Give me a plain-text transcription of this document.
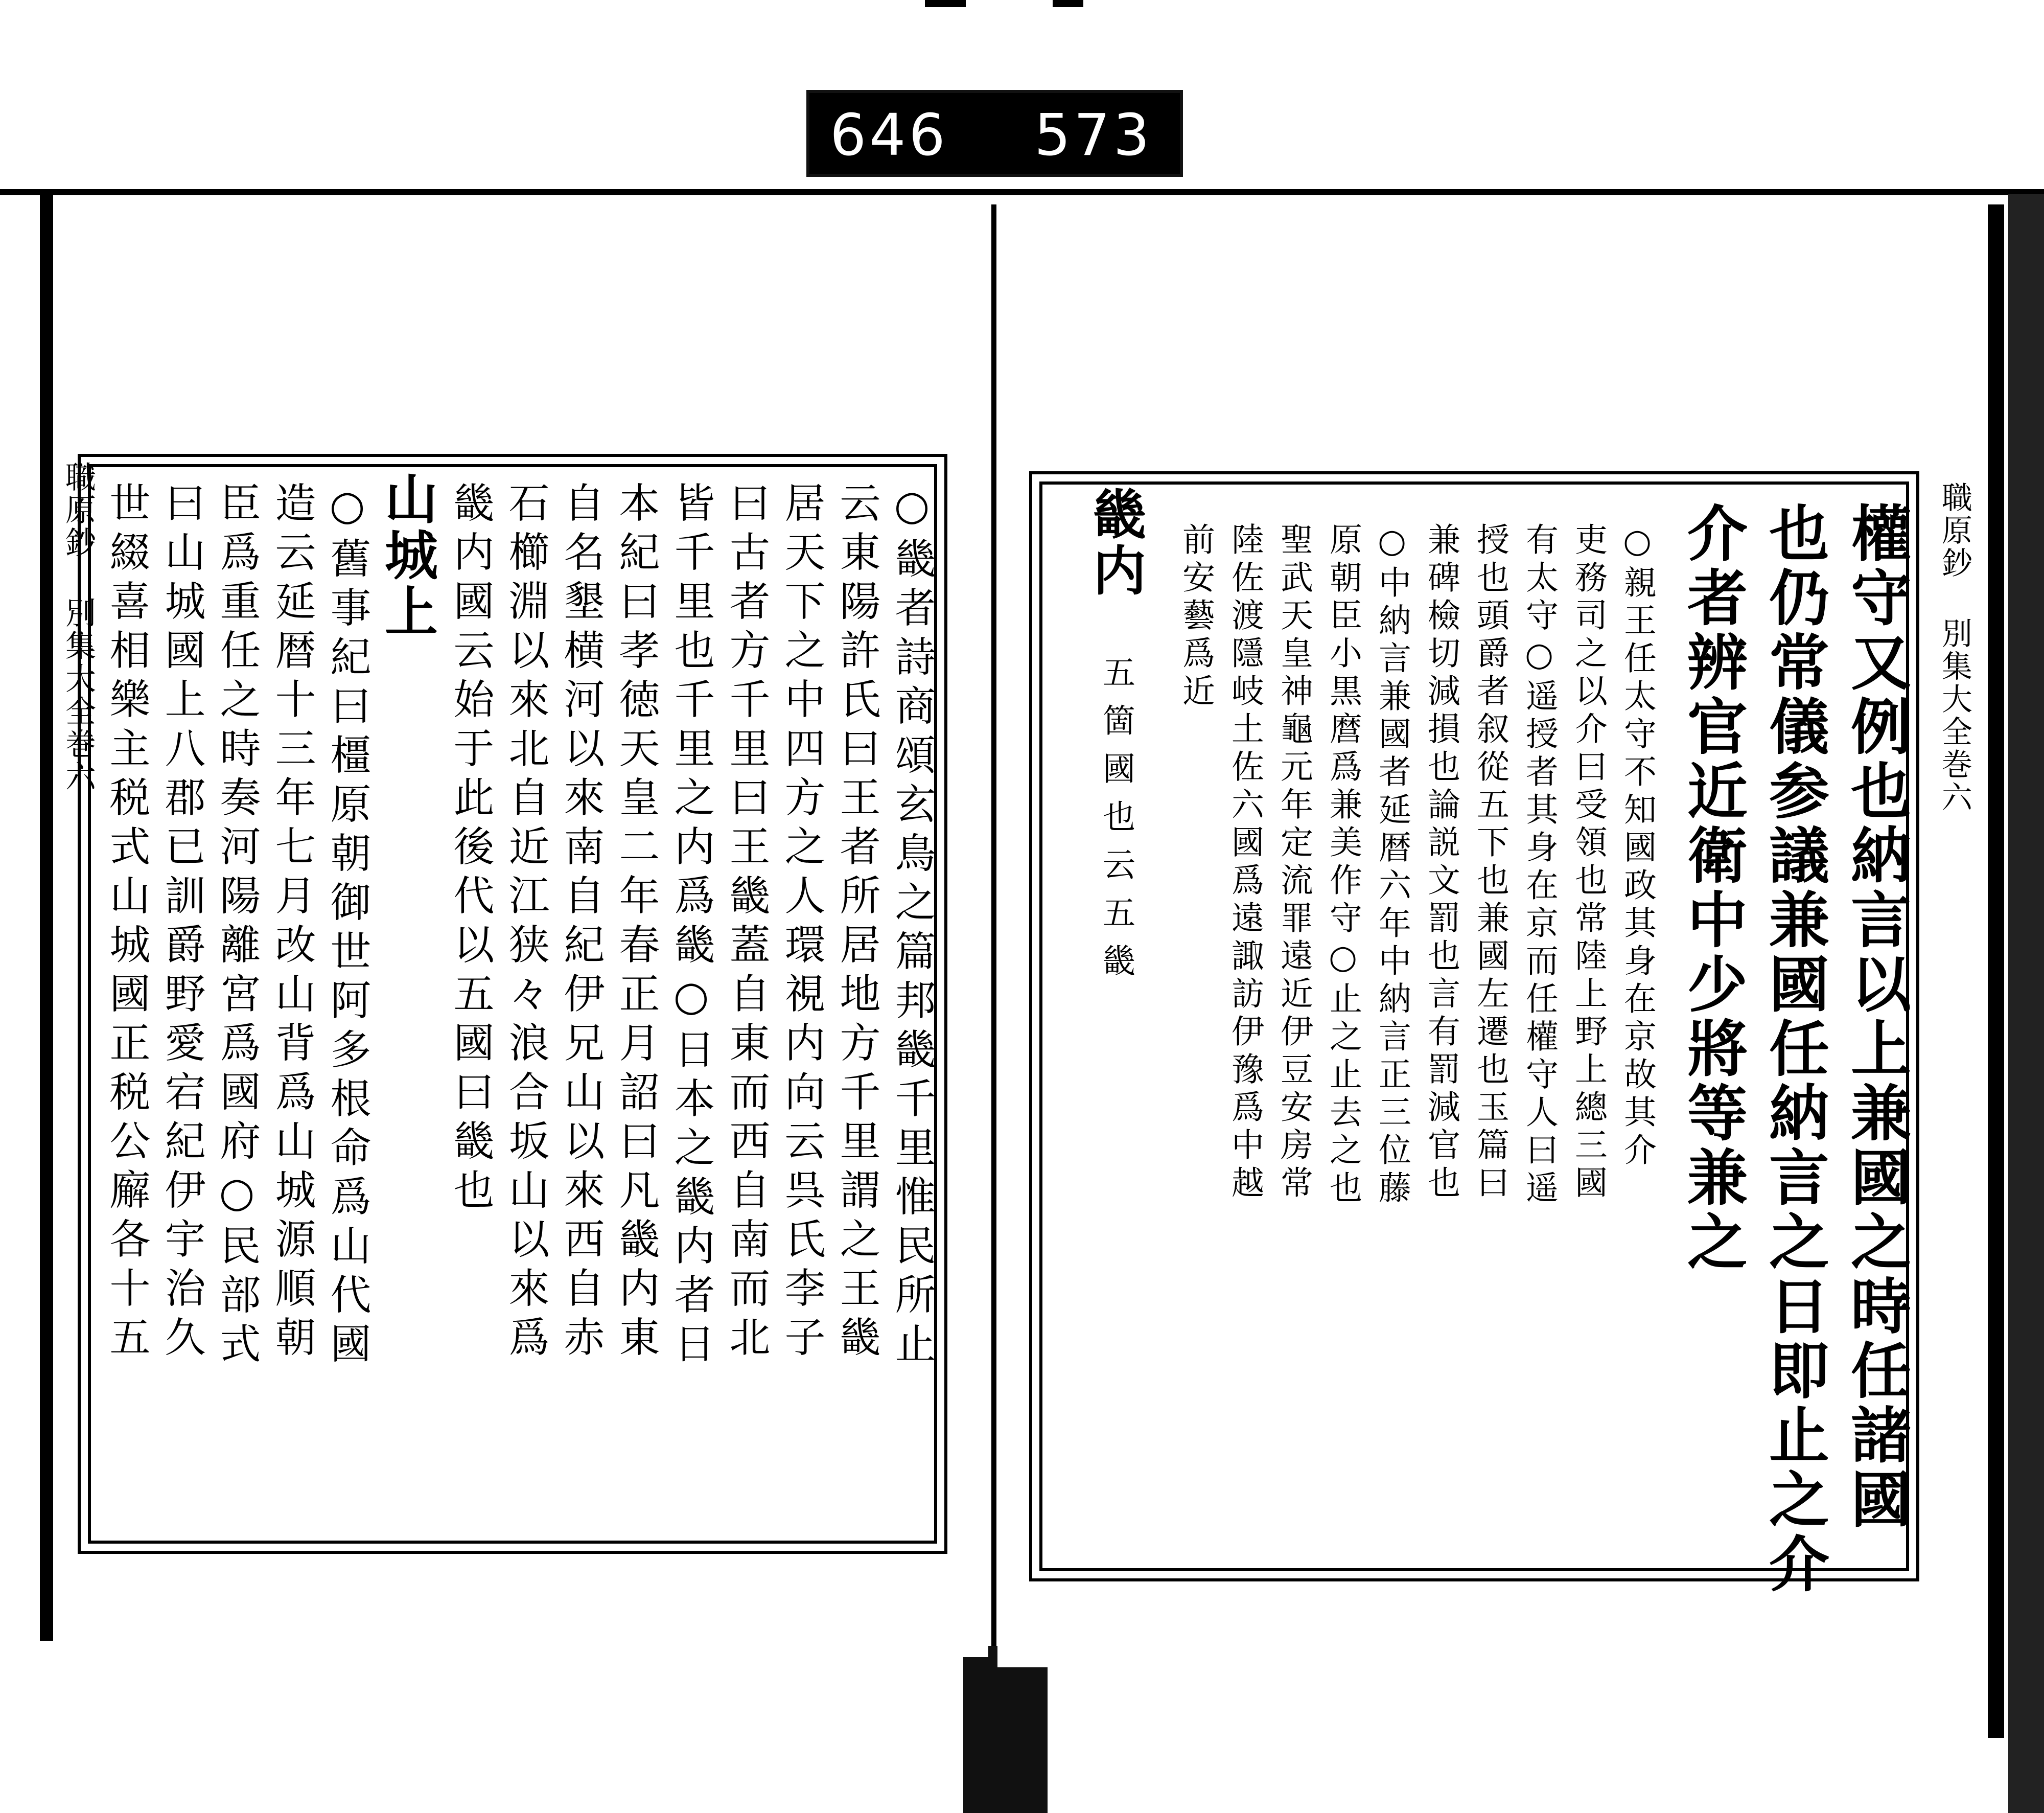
646 573
職原鈔 別集大全巻六	○畿者詩商頌玄鳥之篇邦畿千里惟民所止
云東陽許氏曰王者所居地方千里謂之王畿
居天下之中四方之人環視内向云呉氏李子
曰古者方千里曰王畿蓋自東而西自南而北
皆千里也千里之内爲畿○日本之畿内者日
本紀曰孝徳天皇二年春正月詔曰凡畿内東
自名墾横河以來南自紀伊兄山以來西自赤
石櫛淵以來北自近江狭々浪合坂山以來爲
畿内國云始于此後代以五國曰畿也
山城上
○舊事紀曰橿原朝御世阿多根命爲山代國
造云延暦十三年七月改山背爲山城源順朝
臣爲重任之時奏河陽離宮爲國府○民部式
曰山城國上八郡已訓爵野愛宕紀伊宇治久
世綴喜相樂主税式山城國正税公廨各十五	職原鈔 別集大全巻六
權守又例也納言以上兼國之時任諸國
也仍常儀参議兼國任納言之日即止之介
介者辨官近衛中少將等兼之
○親王任太守不知國政其身在京故其介
吏務司之以介曰受領也常陸上野上總三國
有太守○遥授者其身在京而任權守人曰遥
授也頭爵者叙從五下也兼國左遷也玉篇曰
兼碑檢切減損也論説文罰也言有罰減官也
○中納言兼國者延暦六年中納言正三位藤
原朝臣小黒麿爲兼美作守○止之止去之也
聖武天皇神龜元年定流罪遠近伊豆安房常
陸佐渡隱岐土佐六國爲遠諏訪伊豫爲中越
前安藝爲近
畿内
五箇國也云五畿
